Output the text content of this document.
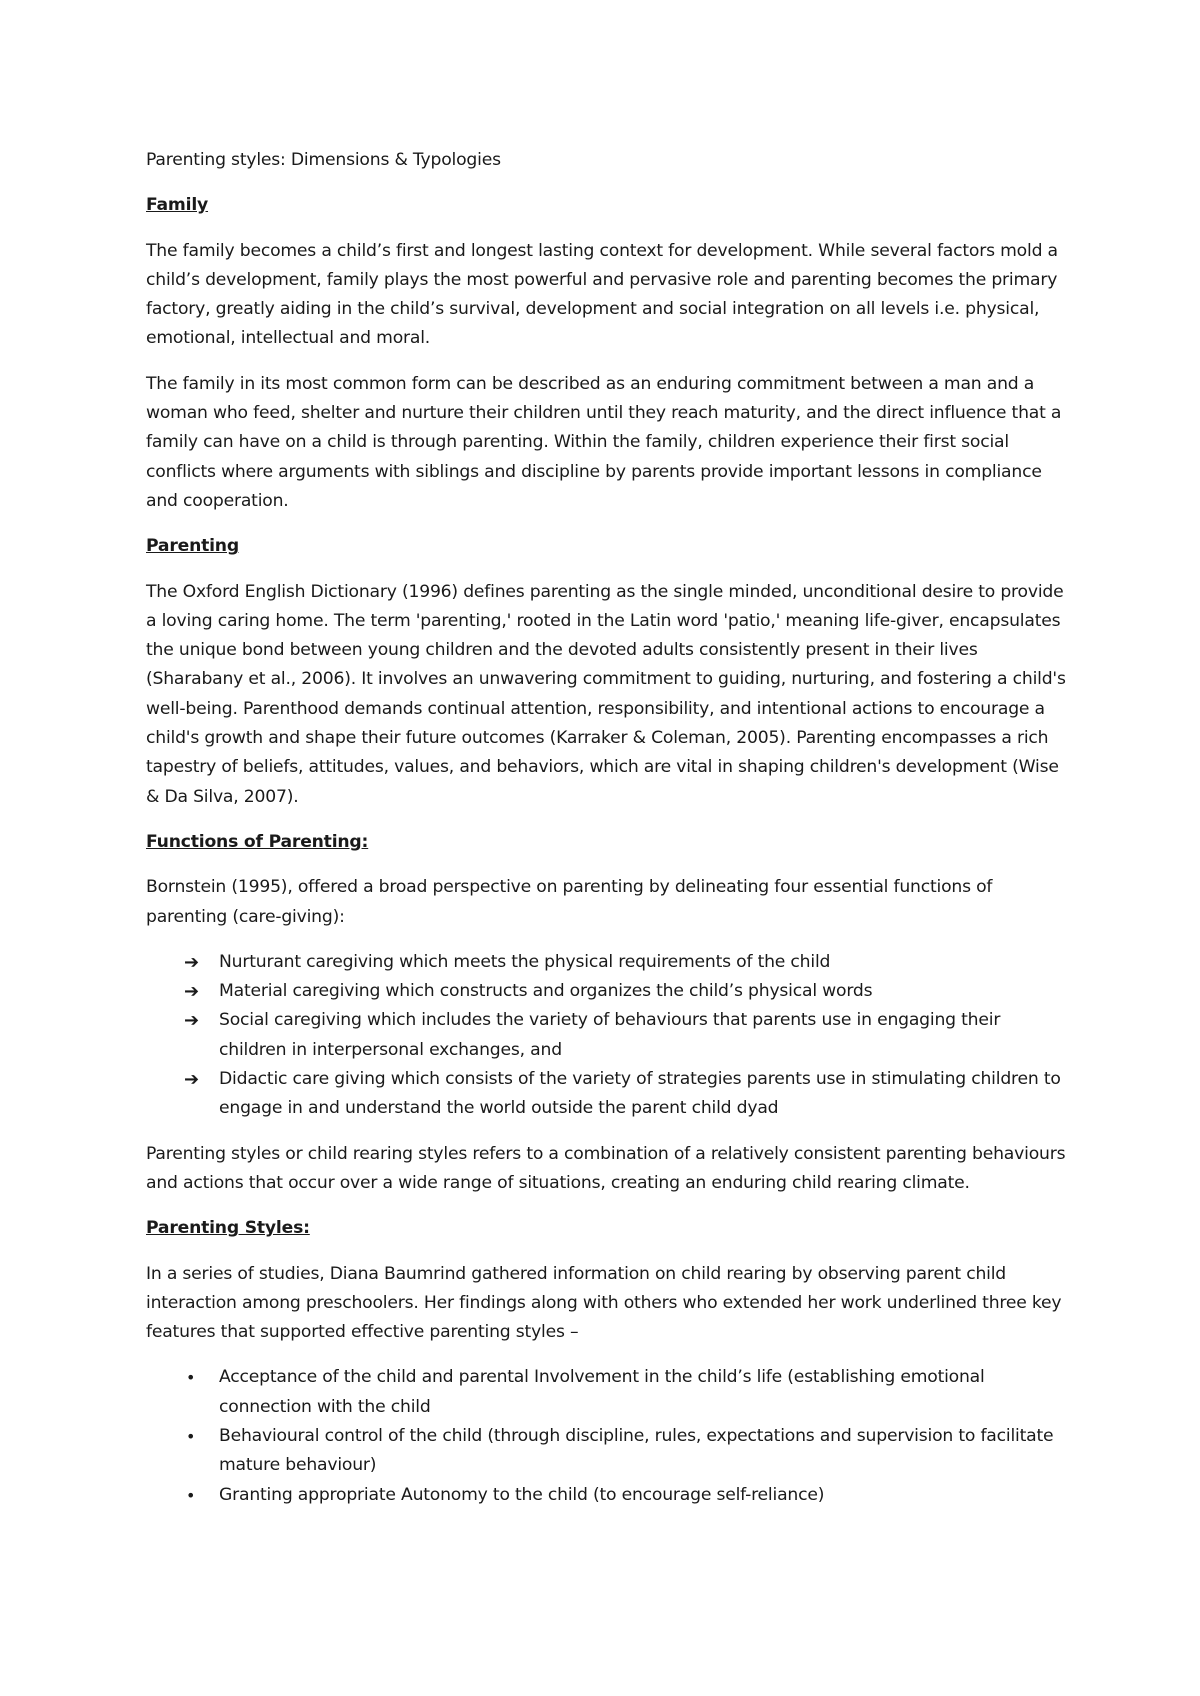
Parenting styles: Dimensions & Typologies
Family

The family becomes a child’s first and longest lasting context for development. While several factors mold a child’s development, family plays the most powerful and pervasive role and parenting becomes the primary factory, greatly aiding in the child’s survival, development and social integration on all levels i.e. physical, emotional, intellectual and moral.

The family in its most common form can be described as an enduring commitment between a man and a woman who feed, shelter and nurture their children until they reach maturity, and the direct influence that a family can have on a child is through parenting. Within the family, children experience their first social conflicts where arguments with siblings and discipline by parents provide important lessons in compliance and cooperation.

Parenting

The Oxford English Dictionary (1996) defines parenting as the single minded, unconditional desire to provide a loving caring home. The term 'parenting,' rooted in the Latin word 'patio,' meaning life-giver, encapsulates the unique bond between young children and the devoted adults consistently present in their lives (Sharabany et al., 2006). It involves an unwavering commitment to guiding, nurturing, and fostering a child's well-being. Parenthood demands continual attention, responsibility, and intentional actions to encourage a child's growth and shape their future outcomes (Karraker & Coleman, 2005). Parenting encompasses a rich tapestry of beliefs, attitudes, values, and behaviors, which are vital in shaping children's development (Wise & Da Silva, 2007).

Functions of Parenting:

Bornstein (1995), offered a broad perspective on parenting by delineating four essential functions of parenting (care-giving):

➔ Nurturant caregiving which meets the physical requirements of the child
➔ Material caregiving which constructs and organizes the child’s physical words
➔ Social caregiving which includes the variety of behaviours that parents use in engaging their children in interpersonal exchanges, and
➔ Didactic care giving which consists of the variety of strategies parents use in stimulating children to engage in and understand the world outside the parent child dyad

Parenting styles or child rearing styles refers to a combination of a relatively consistent parenting behaviours and actions that occur over a wide range of situations, creating an enduring child rearing climate.

Parenting Styles:

In a series of studies, Diana Baumrind gathered information on child rearing by observing parent child interaction among preschoolers. Her findings along with others who extended her work underlined three key features that supported effective parenting styles –

• Acceptance of the child and parental Involvement in the child’s life (establishing emotional connection with the child
• Behavioural control of the child (through discipline, rules, expectations and supervision to facilitate mature behaviour)
• Granting appropriate Autonomy to the child (to encourage self-reliance)
